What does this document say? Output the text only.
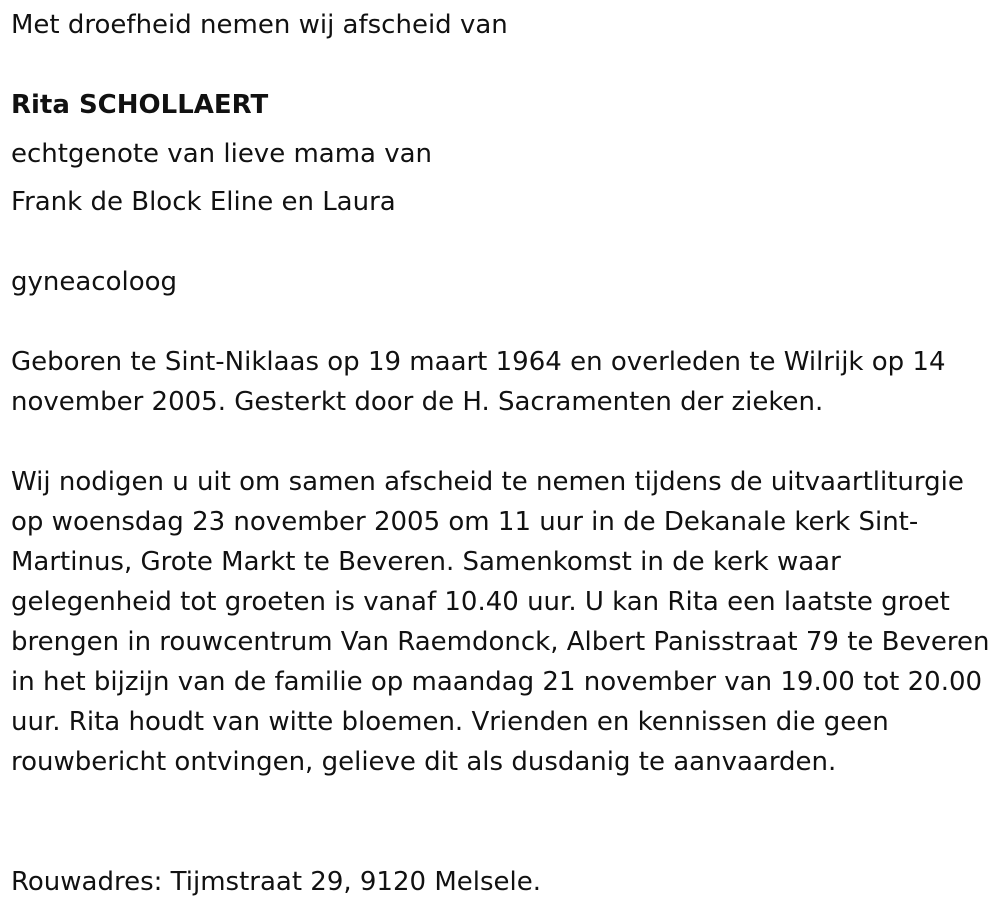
Met droefheid nemen wij afscheid van

Rita SCHOLLAERT

echtgenote van lieve mama van

Frank de Block Eline en Laura

gyneacoloog

Geboren te Sint-Niklaas op 19 maart 1964 en overleden te Wilrijk op 14 november 2005. Gesterkt door de H. Sacramenten der zieken.

Wij nodigen u uit om samen afscheid te nemen tijdens de uitvaartliturgie op woensdag 23 november 2005 om 11 uur in de Dekanale kerk Sint-Martinus, Grote Markt te Beveren. Samenkomst in de kerk waar gelegenheid tot groeten is vanaf 10.40 uur. U kan Rita een laatste groet brengen in rouwcentrum Van Raemdonck, Albert Panisstraat 79 te Beveren in het bijzijn van de familie op maandag 21 november van 19.00 tot 20.00 uur. Rita houdt van witte bloemen. Vrienden en kennissen die geen rouwbericht ontvingen, gelieve dit als dusdanig te aanvaarden.

Rouwadres: Tijmstraat 29, 9120 Melsele.
